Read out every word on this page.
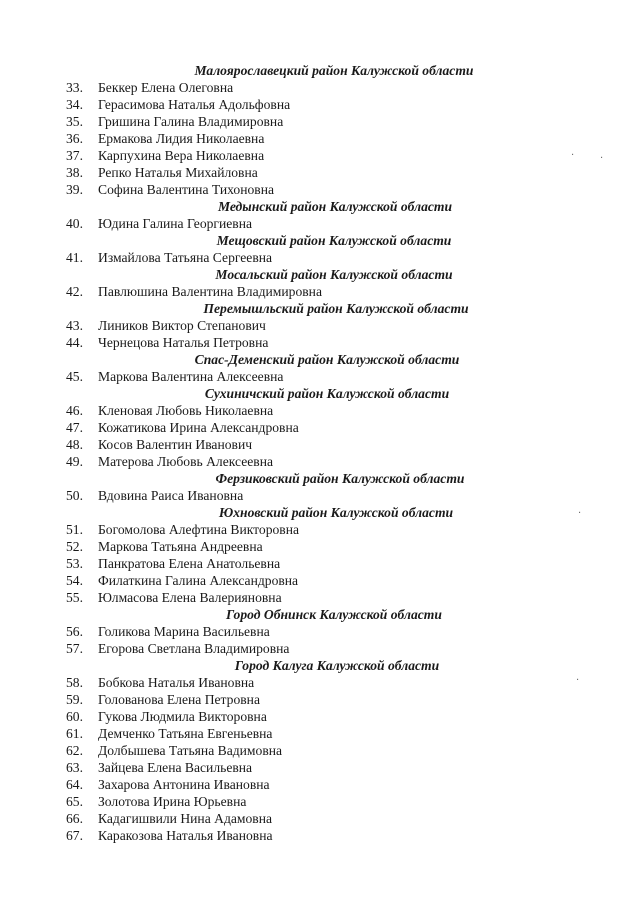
Малоярославецкий район Калужской области
33.	Беккер Елена Олеговна
34.	Герасимова Наталья Адольфовна
35.	Гришина Галина Владимировна
36.	Ермакова Лидия Николаевна
37.	Карпухина Вера Николаевна
38.	Репко Наталья Михайловна
39.	Софина Валентина Тихоновна
Медынский район Калужской области
40.	Юдина Галина Георгиевна
Мещовский район Калужской области
41.	Измайлова Татьяна Сергеевна
Мосальский район Калужской области
42.	Павлюшина Валентина Владимировна
Перемышльский район Калужской области
43.	Лиников Виктор Степанович
44.	Чернецова Наталья Петровна
Спас-Деменский район Калужской области
45.	Маркова Валентина Алексеевна
Сухиничский район Калужской области
46.	Кленовая Любовь Николаевна
47.	Кожатикова Ирина Александровна
48.	Косов Валентин Иванович
49.	Матерова Любовь Алексеевна
Ферзиковский район Калужской области
50.	Вдовина Раиса Ивановна
Юхновский район Калужской области
51.	Богомолова Алефтина Викторовна
52.	Маркова Татьяна Андреевна
53.	Панкратова Елена Анатольевна
54.	Филаткина Галина Александровна
55.	Юлмасова Елена Валерияновна
Город Обнинск Калужской области
56.	Голикова Марина Васильевна
57.	Егорова Светлана Владимировна
Город Калуга Калужской области
58.	Бобкова Наталья Ивановна
59.	Голованова Елена Петровна
60.	Гукова Людмила Викторовна
61.	Демченко Татьяна Евгеньевна
62.	Долбышева Татьяна Вадимовна
63.	Зайцева Елена Васильевна
64.	Захарова Антонина Ивановна
65.	Золотова Ирина Юрьевна
66.	Кадагишвили Нина Адамовна
67.	Каракозова Наталья Ивановна
·	·
·
·
